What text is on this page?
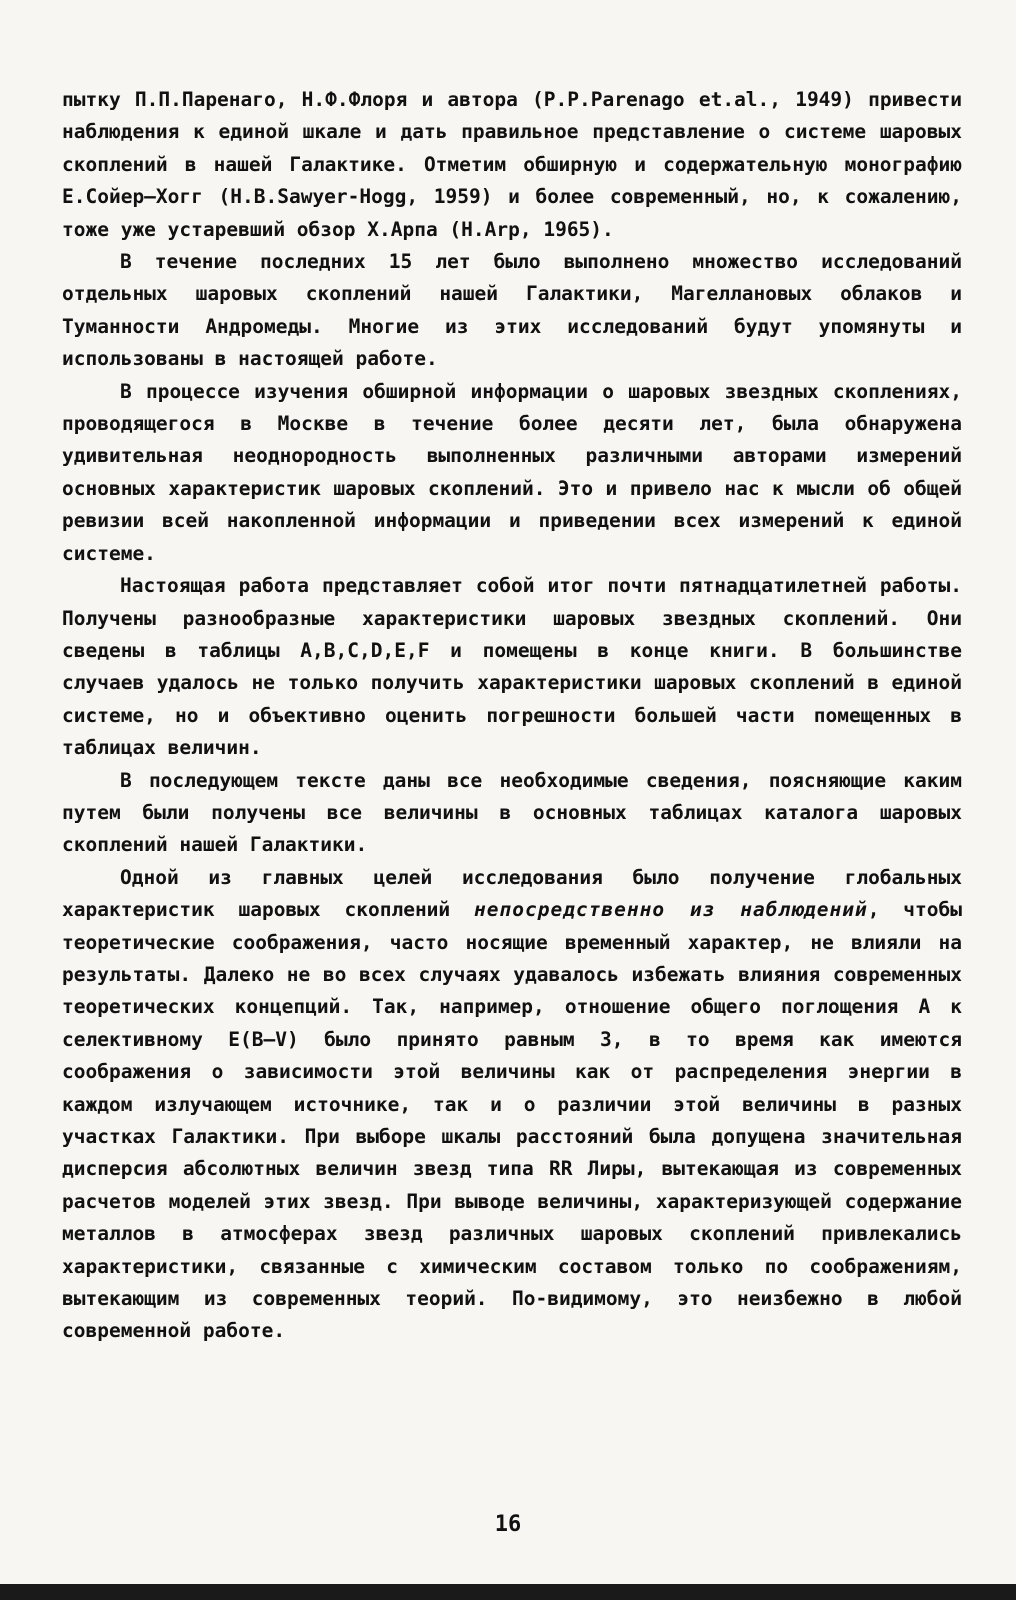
пытку П.П.Паренаго, Н.Ф.Флоря и автора (P.P.Parenago et.al., 1949) привести наблюдения к единой шкале и дать правильное представление о системе шаровых скоплений в нашей Галактике. Отметим обширную и содержательную монографию Е.Сойер–Хогг (H.B.Sawyer-Hogg, 1959) и более современный, но, к сожалению, тоже уже устаревший обзор Х.Арпа (H.Arp, 1965).

В течение последних 15 лет было выполнено множество исследований отдельных шаровых скоплений нашей Галактики, Магеллановых облаков и Туманности Андромеды. Многие из этих исследований будут упомянуты и использованы в настоящей работе.

В процессе изучения обширной информации о шаровых звездных скоплениях, проводящегося в Москве в течение более десяти лет, была обнаружена удивительная неоднородность выполненных различными авторами измерений основных характеристик шаровых скоплений. Это и привело нас к мысли об общей ревизии всей накопленной информации и приведении всех измерений к единой системе.

Настоящая работа представляет собой итог почти пятнадцатилетней работы. Получены разнообразные характеристики шаровых звездных скоплений. Они сведены в таблицы A,B,C,D,E,F и помещены в конце книги. В большинстве случаев удалось не только получить характеристики шаровых скоплений в единой системе, но и объективно оценить погрешности большей части помещенных в таблицах величин.

В последующем тексте даны все необходимые сведения, поясняющие каким путем были получены все величины в основных таблицах каталога шаровых скоплений нашей Галактики.

Одной из главных целей исследования было получение глобальных характеристик шаровых скоплений непосредственно из наблюдений, чтобы теоретические соображения, часто носящие временный характер, не влияли на результаты. Далеко не во всех случаях удавалось избежать влияния современных теоретических концепций. Так, например, отношение общего поглощения A к селективному E(B–V) было принято равным 3, в то время как имеются соображения о зависимости этой величины как от распределения энергии в каждом излучающем источнике, так и о различии этой величины в разных участках Галактики. При выборе шкалы расстояний была допущена значительная дисперсия абсолютных величин звезд типа RR Лиры, вытекающая из современных расчетов моделей этих звезд. При выводе величины, характеризующей содержание металлов в атмосферах звезд различных шаровых скоплений привлекались характеристики, связанные с химическим составом только по соображениям, вытекающим из современных теорий. По-видимому, это неизбежно в любой современной работе.

16
